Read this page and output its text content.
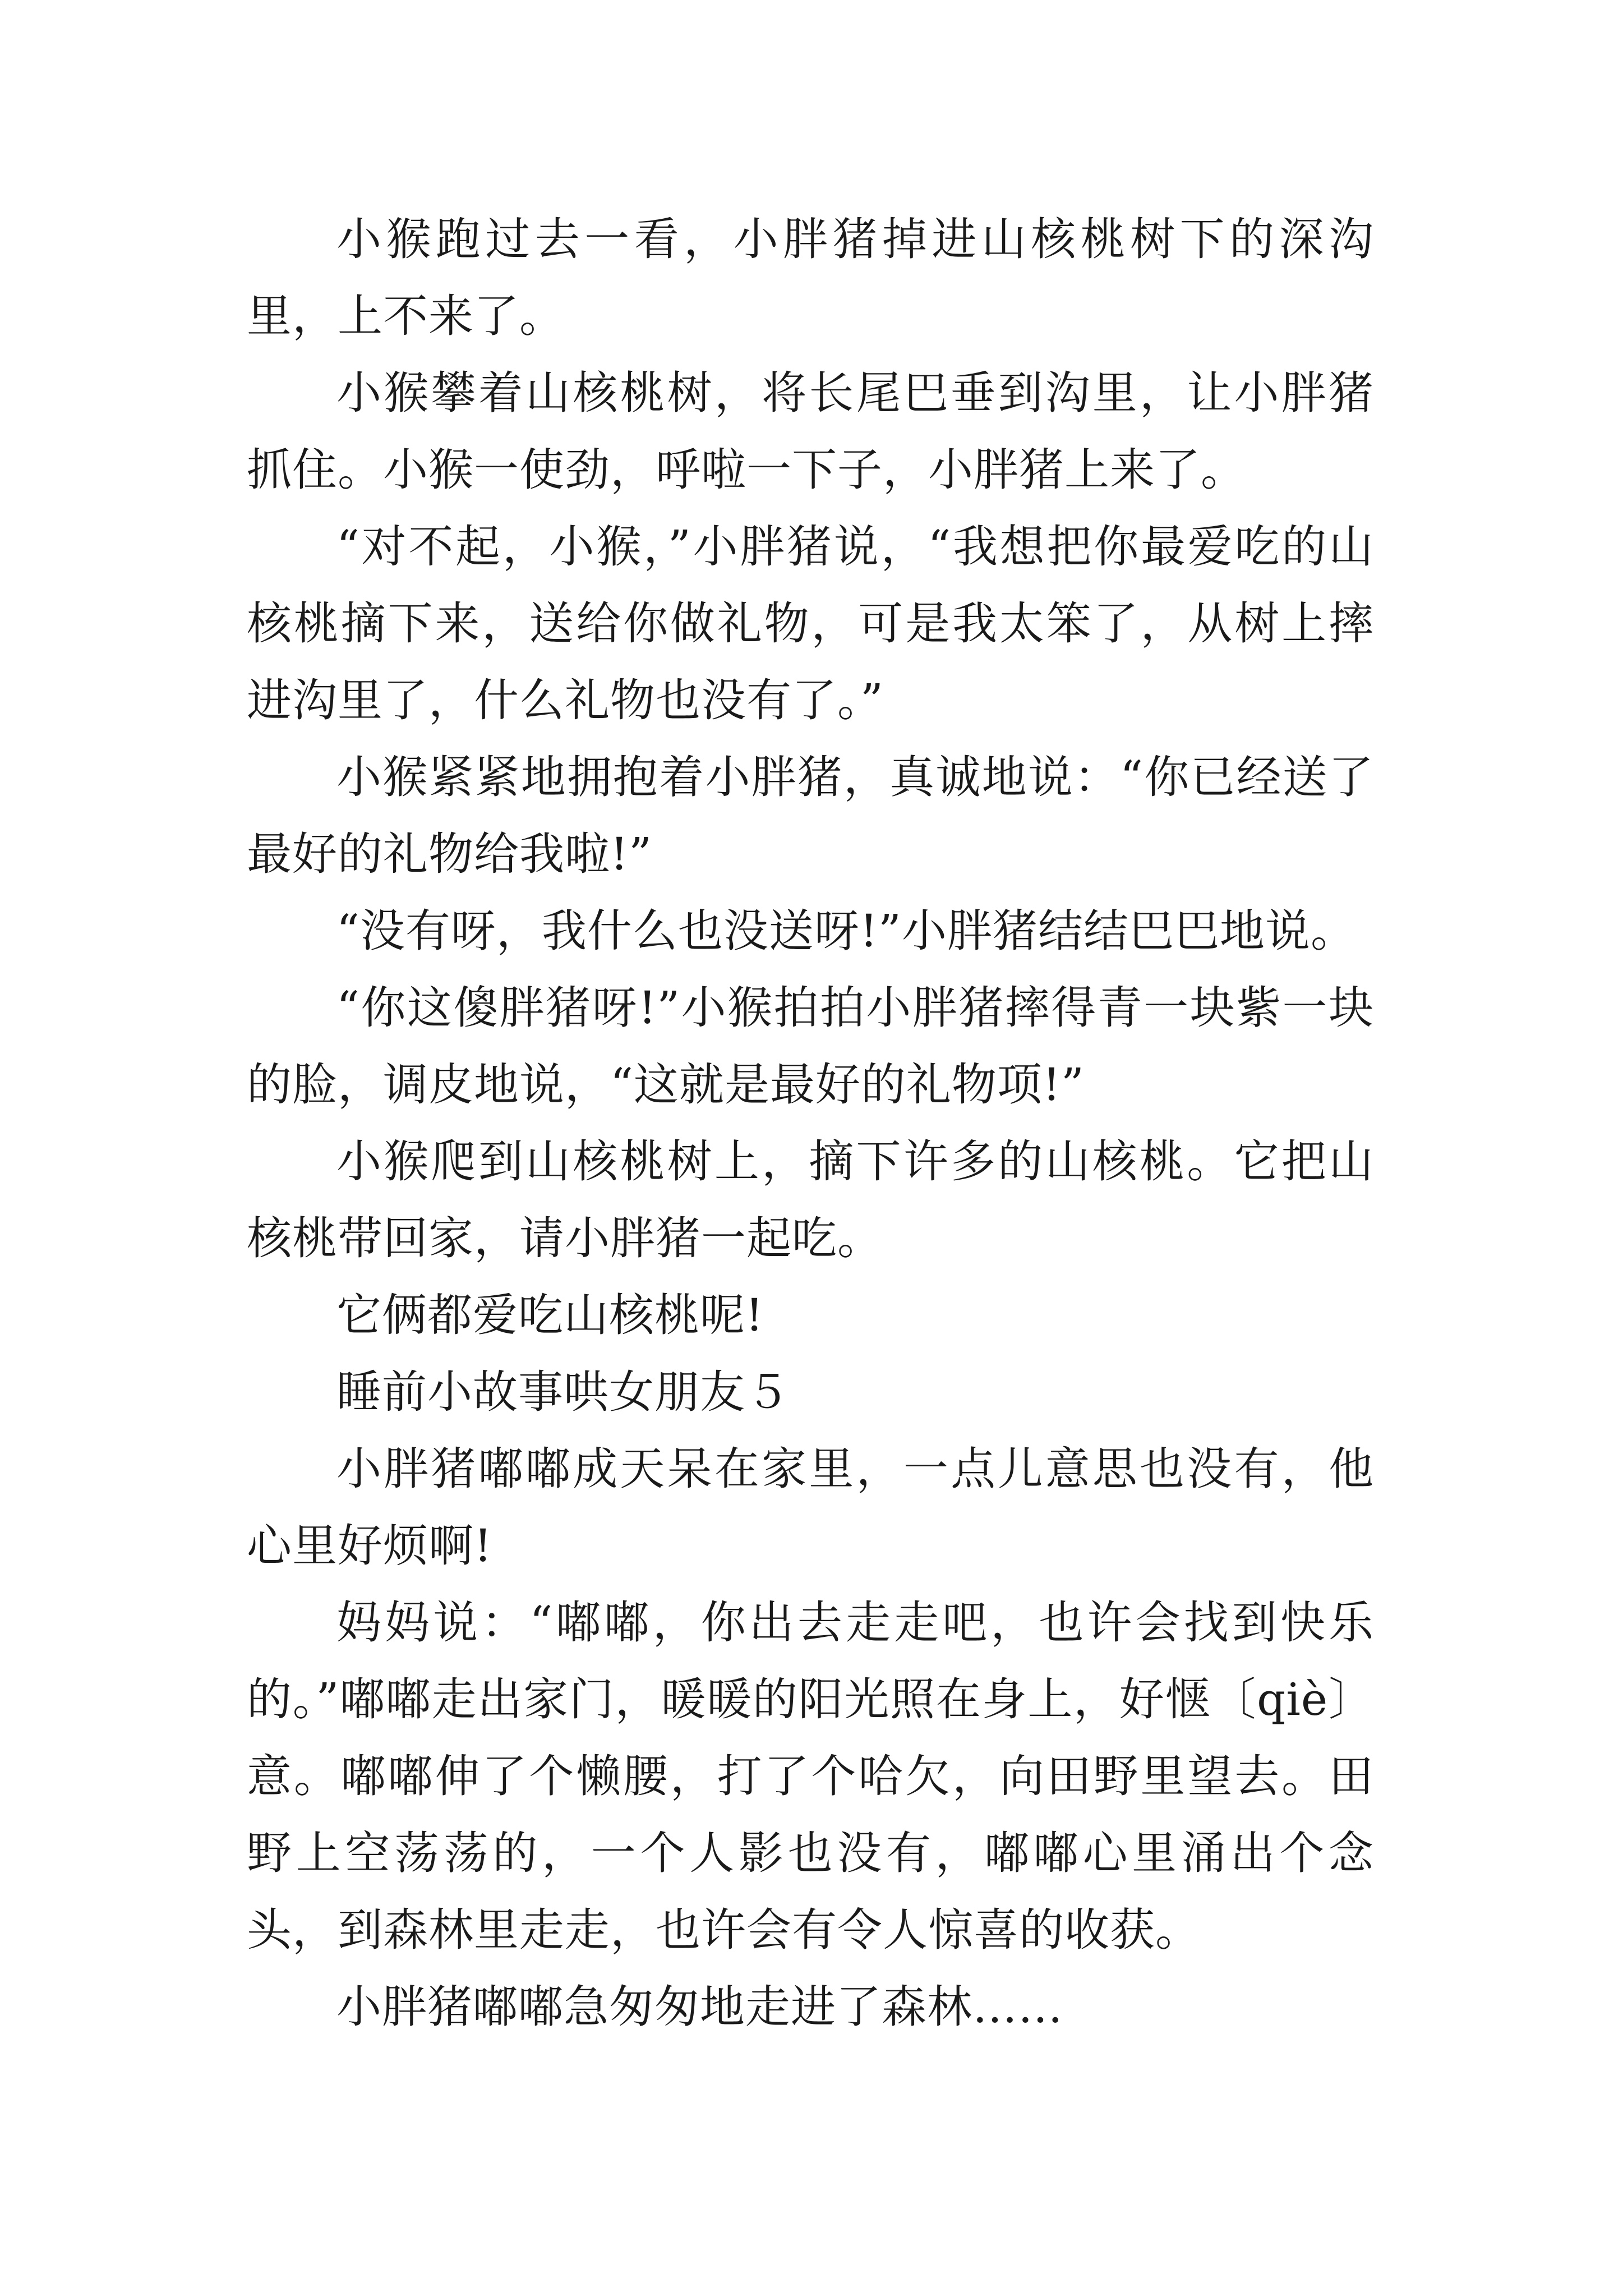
小猴跑过去一看，小胖猪掉进山核桃树下的深沟里，上不来了。

小猴攀着山核桃树，将长尾巴垂到沟里，让小胖猪抓住。小猴一使劲，呼啦一下子，小胖猪上来了。

“对不起，小猴，”小胖猪说，“我想把你最爱吃的山核桃摘下来，送给你做礼物，可是我太笨了，从树上摔进沟里了，什么礼物也没有了。”

小猴紧紧地拥抱着小胖猪，真诚地说：“你已经送了最好的礼物给我啦!”

“没有呀，我什么也没送呀!”小胖猪结结巴巴地说。

“你这傻胖猪呀!”小猴拍拍小胖猪摔得青一块紫一块的脸，调皮地说，“这就是最好的礼物项!”

小猴爬到山核桃树上，摘下许多的山核桃。它把山核桃带回家，请小胖猪一起吃。

它俩都爱吃山核桃呢!

睡前小故事哄女朋友５

小胖猪嘟嘟成天呆在家里，一点儿意思也没有，他心里好烦啊!

妈妈说：“嘟嘟，你出去走走吧，也许会找到快乐的。”嘟嘟走出家门，暖暖的阳光照在身上，好惬〔qiè〕意。嘟嘟伸了个懒腰，打了个哈欠，向田野里望去。田野上空荡荡的，一个人影也没有，嘟嘟心里涌出个念头，到森林里走走，也许会有令人惊喜的收获。

小胖猪嘟嘟急匆匆地走进了森林……
